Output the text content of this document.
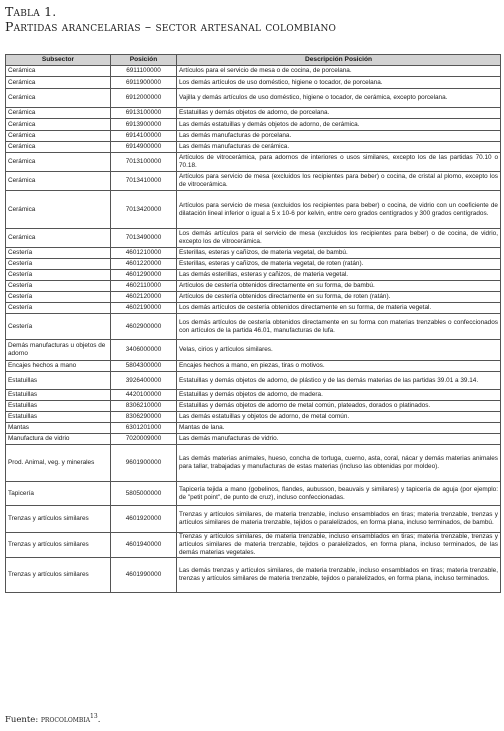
Tabla 1.
Partidas arancelarias – sector artesanal colombiano
Subsector	Posición	Descripción Posición
Cerámica	6911100000	Artículos para el servicio de mesa o de cocina, de porcelana.
Cerámica	6911900000	Los demás artículos de uso doméstico, higiene o tocador, de porcelana.
Cerámica	6912000000	Vajilla y demás artículos de uso doméstico, higiene o tocador, de cerámica, excepto porcelana.
Cerámica	6913100000	Estatuillas y demás objetos de adorno, de porcelana.
Cerámica	6913900000	Las demás estatuillas y demás objetos de adorno, de cerámica.
Cerámica	6914100000	Las demás manufacturas de porcelana.
Cerámica	6914900000	Las demás manufacturas de cerámica.
Cerámica	7013100000	Artículos de vitrocerámica, para adornos de interiores o usos similares, excepto los de las partidas 70.10 o 70.18.
Cerámica	7013410000	Artículos para servicio de mesa (excluidos los recipientes para beber) o cocina, de cristal al plomo, excepto los de vitrocerámica.
Cerámica	7013420000	Artículos para servicio de mesa (excluidos los recipientes para beber) o cocina, de vidrio con un coeficiente de dilatación lineal inferior o igual a 5 x 10-6 por kelvin, entre cero grados centígrados y 300 grados centígrados.
Cerámica	7013490000	Los demás artículos para el servicio de mesa (excluidos los recipientes para beber) o de cocina, de vidrio, excepto los de vitrocerámica.
Cestería	4601210000	Esterillas, esteras y cañizos, de materia vegetal, de bambú.
Cestería	4601220000	Esterillas, esteras y cañizos, de materia vegetal, de roten (ratán).
Cestería	4601290000	Las demás esterillas, esteras y cañizos, de materia vegetal.
Cestería	4602110000	Artículos de cestería obtenidos directamente en su forma, de bambú.
Cestería	4602120000	Artículos de cestería obtenidos directamente en su forma, de roten (ratán).
Cestería	4602190000	Los demás artículos de cestería obtenidos directamente en su forma, de materia vegetal.
Cestería	4602900000	Los demás artículos de cestería obtenidos directamente en su forma con materias trenzables o confeccionados con artículos de la partida 46.01, manufacturas de lufa.
Demás manufacturas u objetos de adorno	3406000000	Velas, cirios y artículos similares.
Encajes hechos a mano	5804300000	Encajes hechos a mano, en piezas, tiras o motivos.
Estatuillas	3926400000	Estatuillas y demás objetos de adorno, de plástico y de las demás materias de las partidas 39.01 a 39.14.
Estatuillas	4420100000	Estatuillas y demás objetos de adorno, de madera.
Estatuillas	8306210000	Estatuillas y demás objetos de adorno de metal común, plateados, dorados o platinados.
Estatuillas	8306290000	Las demás estatuillas y objetos de adorno, de metal común.
Mantas	6301201000	Mantas de lana.
Manufactura de vidrio	7020009000	Las demás manufacturas de vidrio.
Prod. Animal, veg. y minerales	9601900000	Las demás materias animales, hueso, concha de tortuga, cuerno, asta, coral, nácar y demás materias animales para tallar, trabajadas y manufacturas de estas materias (incluso las obtenidas por moldeo).
Tapicería	5805000000	Tapicería tejida a mano (gobelinos, flandes, aubusson, beauvais y similares) y tapicería de aguja (por ejemplo: de "petit point", de punto de cruz), incluso confeccionadas.
Trenzas y artículos similares	4601920000	Trenzas y artículos similares, de materia trenzable, incluso ensamblados en tiras; materia trenzable, trenzas y artículos similares de materia trenzable, tejidos o paralelizados, en forma plana, incluso terminados, de bambú.
Trenzas y artículos similares	4601940000	Trenzas y artículos similares, de materia trenzable, incluso ensamblados en tiras; materia trenzable, trenzas y artículos similares de materia trenzable, tejidos o paralelizados, en forma plana, incluso terminados, de las demás materias vegetales.
Trenzas y artículos similares	4601990000	Las demás trenzas y artículos similares, de materia trenzable, incluso ensamblados en tiras; materia trenzable, trenzas y artículos similares de materia trenzable, tejidos o paralelizados, en forma plana, incluso terminados.
Fuente: procolombia$^{13}$.
